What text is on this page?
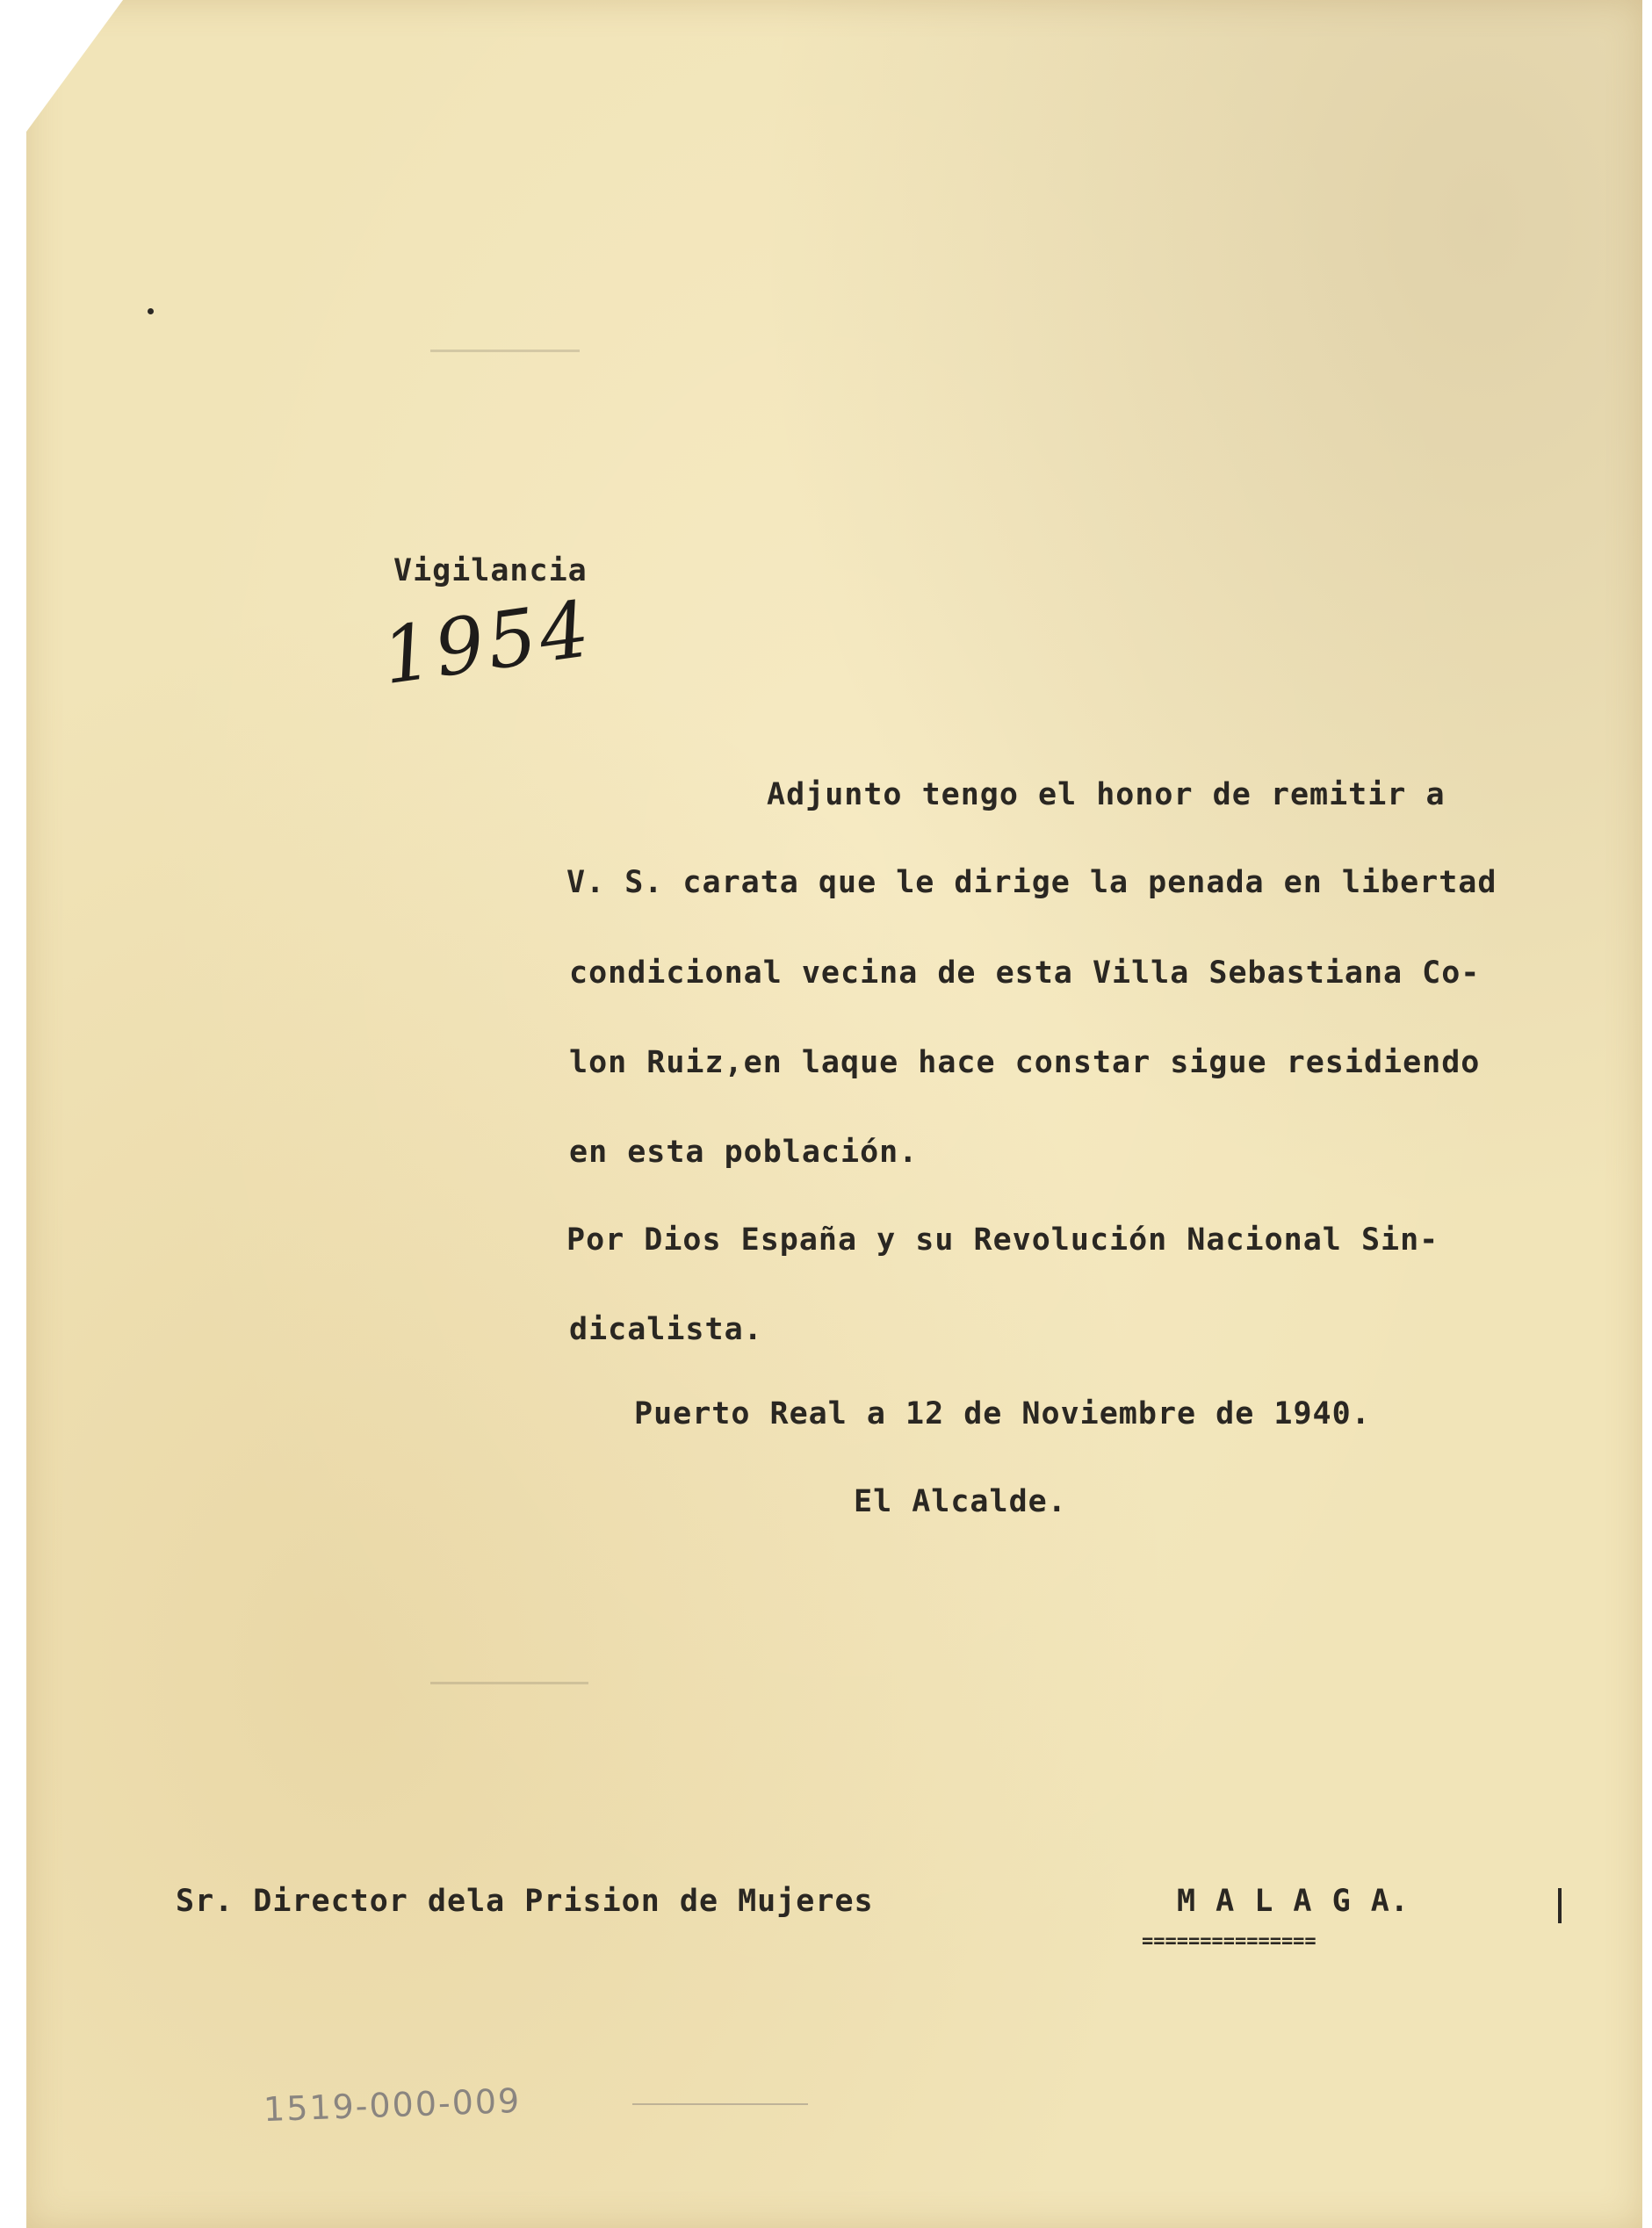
Vigilancia

1954

Adjunto tengo el honor de remitir a

V. S. carata que le dirige la penada en libertad

condicional vecina de esta Villa Sebastiana Co-

lon Ruiz,en laque hace constar sigue residiendo

en esta población.

Por Dios España y su Revolución Nacional Sin-

dicalista.

Puerto Real a 12 de Noviembre de 1940.

El Alcalde.

Sr. Director dela Prision de Mujeres	M A L A G A.

===============
1519-000-009
